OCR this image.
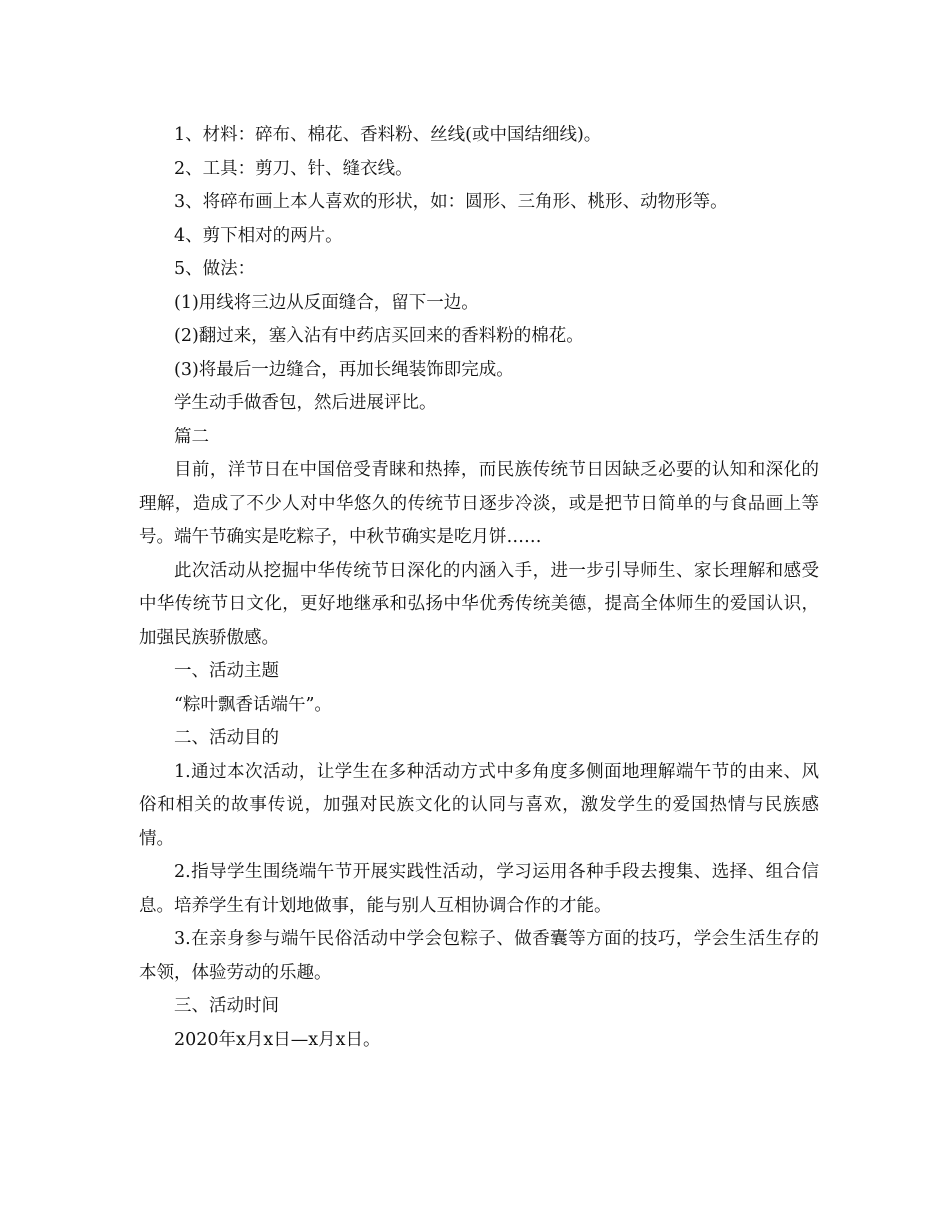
1、材料：碎布、棉花、香料粉、丝线(或中国结细线)。

2、工具：剪刀、针、缝衣线。

3、将碎布画上本人喜欢的形状，如：圆形、三角形、桃形、动物形等。

4、剪下相对的两片。

5、做法：

(1)用线将三边从反面缝合，留下一边。

(2)翻过来，塞入沾有中药店买回来的香料粉的棉花。

(3)将最后一边缝合，再加长绳装饰即完成。

学生动手做香包，然后进展评比。

篇二

目前，洋节日在中国倍受青睐和热捧，而民族传统节日因缺乏必要的认知和深化的理解，造成了不少人对中华悠久的传统节日逐步冷淡，或是把节日简单的与食品画上等号。端午节确实是吃粽子，中秋节确实是吃月饼……

此次活动从挖掘中华传统节日深化的内涵入手，进一步引导师生、家长理解和感受中华传统节日文化，更好地继承和弘扬中华优秀传统美德，提高全体师生的爱国认识，加强民族骄傲感。

一、活动主题

“粽叶飘香话端午”。

二、活动目的

1.通过本次活动，让学生在多种活动方式中多角度多侧面地理解端午节的由来、风俗和相关的故事传说，加强对民族文化的认同与喜欢，激发学生的爱国热情与民族感情。

2.指导学生围绕端午节开展实践性活动，学习运用各种手段去搜集、选择、组合信息。培养学生有计划地做事，能与别人互相协调合作的才能。

3.在亲身参与端午民俗活动中学会包粽子、做香囊等方面的技巧，学会生活生存的本领，体验劳动的乐趣。

三、活动时间

2020年x月x日—x月x日。
